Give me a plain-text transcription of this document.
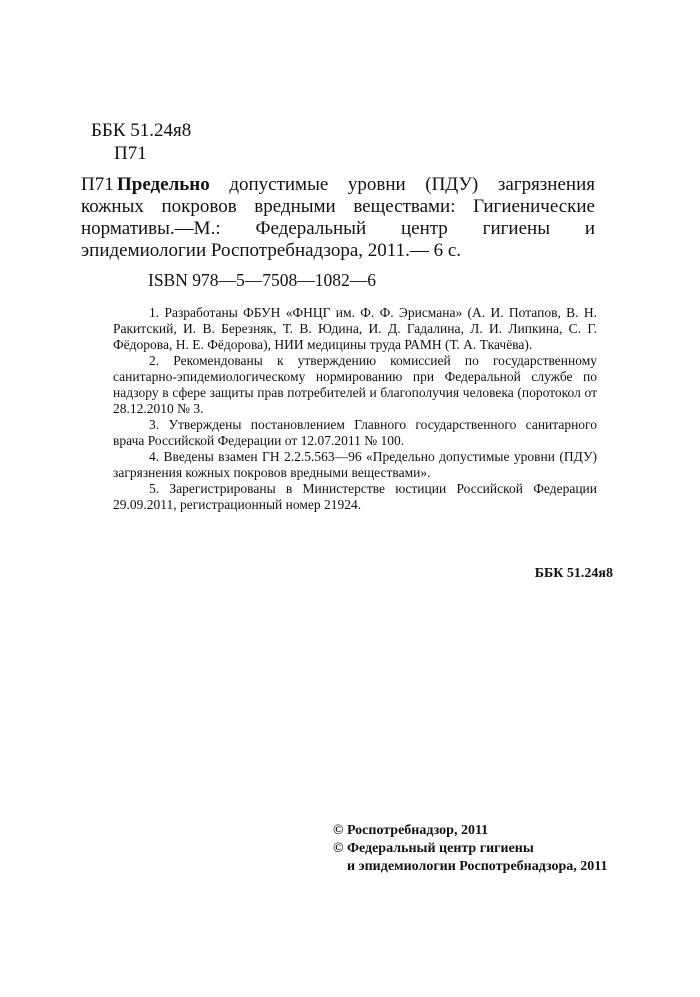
ББК 51.24я8
П71
П71 Предельно допустимые уровни (ПДУ) загрязнения кожных покровов вредными веществами: Гигиенические нормативы.—М.: Федеральный центр гигиены и эпидемиологии Роспотребнадзора, 2011.— 6 с.
ISBN 978—5—7508—1082—6

1. Разработаны ФБУН «ФНЦГ им. Ф. Ф. Эрисмана» (А. И. Потапов, В. Н. Ракитский, И. В. Березняк, Т. В. Юдина, И. Д. Гадалина, Л. И. Липкина, С. Г. Фёдорова, Н. Е. Фёдорова), НИИ медицины труда РАМН (Т. А. Ткачёва).

2. Рекомендованы к утверждению комиссией по государственному санитарно-эпидемиологическому нормированию при Федеральной службе по надзору в сфере защиты прав потребителей и благополучия человека (поротокол от 28.12.2010 № 3.

3. Утверждены постановлением Главного государственного санитарного врача Российской Федерации от 12.07.2011 № 100.

4. Введены взамен ГН 2.2.5.563—96 «Предельно допустимые уровни (ПДУ) загрязнения кожных покровов вредными веществами».

5. Зарегистрированы в Министерстве юстиции Российской Федерации 29.09.2011, регистрационный номер 21924.

ББК 51.24я8
© Роспотребнадзор, 2011
© Федеральный центр гигиены
и эпидемиологии Роспотребнадзора, 2011
